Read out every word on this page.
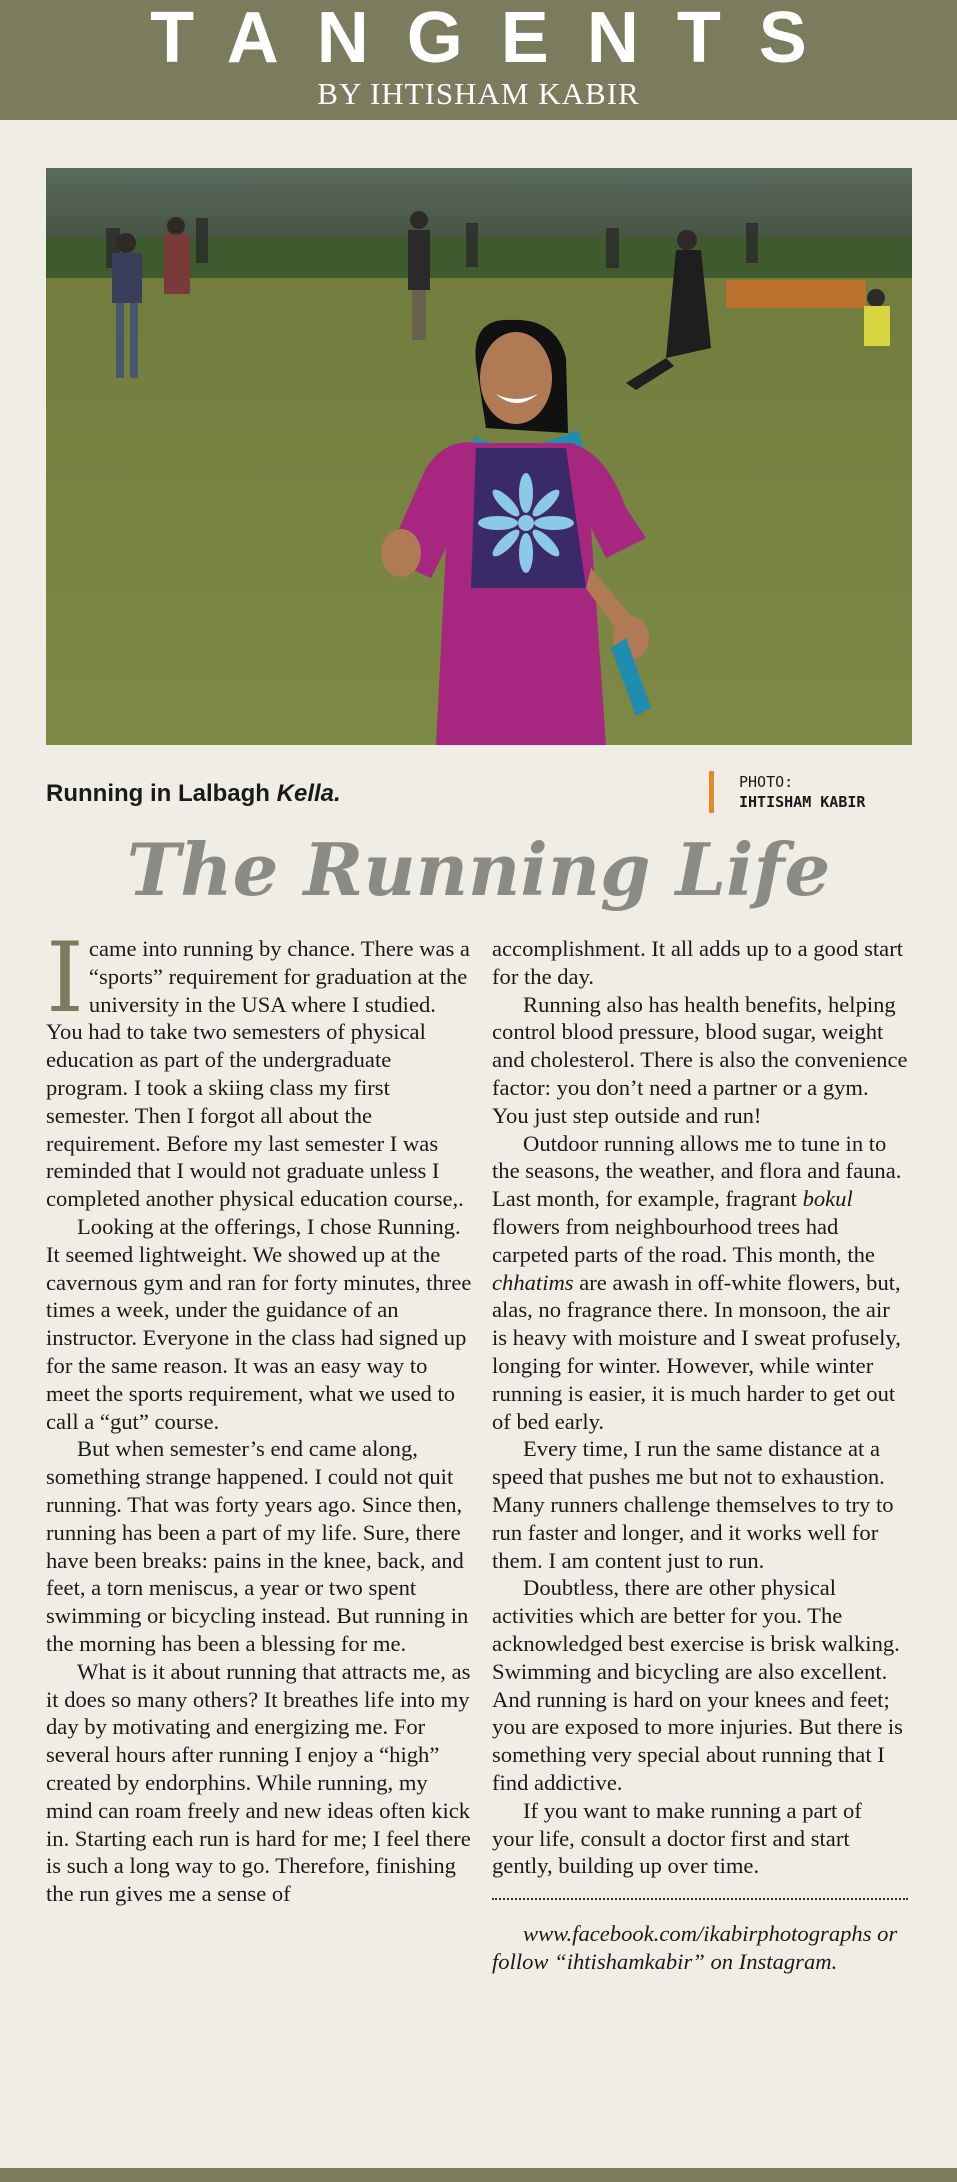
TANGENTS
BY IHTISHAM KABIR
Running in Lalbagh Kella.	PHOTO:
IHTISHAM KABIR
The Running Life

I came into running by chance. There was a “sports” requirement for graduation at the university in the USA where I studied. You had to take two semesters of physical education as part of the undergraduate program. I took a skiing class my first semester. Then I forgot all about the requirement. Before my last semester I was reminded that I would not graduate unless I completed another physical education course,.

Looking at the offerings, I chose Running. It seemed lightweight. We showed up at the cavernous gym and ran for forty minutes, three times a week, under the guidance of an instructor. Everyone in the class had signed up for the same reason. It was an easy way to meet the sports requirement, what we used to call a “gut” course.

But when semester’s end came along, something strange happened. I could not quit running. That was forty years ago. Since then, running has been a part of my life. Sure, there have been breaks: pains in the knee, back, and feet, a torn meniscus, a year or two spent swimming or bicycling instead. But running in the morning has been a blessing for me.

What is it about running that attracts me, as it does so many others? It breathes life into my day by motivating and energizing me. For several hours after running I enjoy a “high” created by endorphins. While running, my mind can roam freely and new ideas often kick in. Starting each run is hard for me; I feel there is such a long way to go. Therefore, finishing the run gives me a sense of

accomplishment. It all adds up to a good start for the day.

Running also has health benefits, helping control blood pressure, blood sugar, weight and cholesterol. There is also the convenience factor: you don’t need a partner or a gym. You just step outside and run!

Outdoor running allows me to tune in to the seasons, the weather, and flora and fauna. Last month, for example, fragrant bokul flowers from neighbourhood trees had carpeted parts of the road. This month, the chhatims are awash in off-white flowers, but, alas, no fragrance there. In monsoon, the air is heavy with moisture and I sweat profusely, longing for winter. However, while winter running is easier, it is much harder to get out of bed early.

Every time, I run the same distance at a speed that pushes me but not to exhaustion. Many runners challenge themselves to try to run faster and longer, and it works well for them. I am content just to run.

Doubtless, there are other physical activities which are better for you. The acknowledged best exercise is brisk walking. Swimming and bicycling are also excellent. And running is hard on your knees and feet; you are exposed to more injuries. But there is something very special about running that I find addictive.

If you want to make running a part of your life, consult a doctor first and start gently, building up over time.

www.facebook.com/ikabirphotographs or follow “ihtishamkabir” on Instagram.
